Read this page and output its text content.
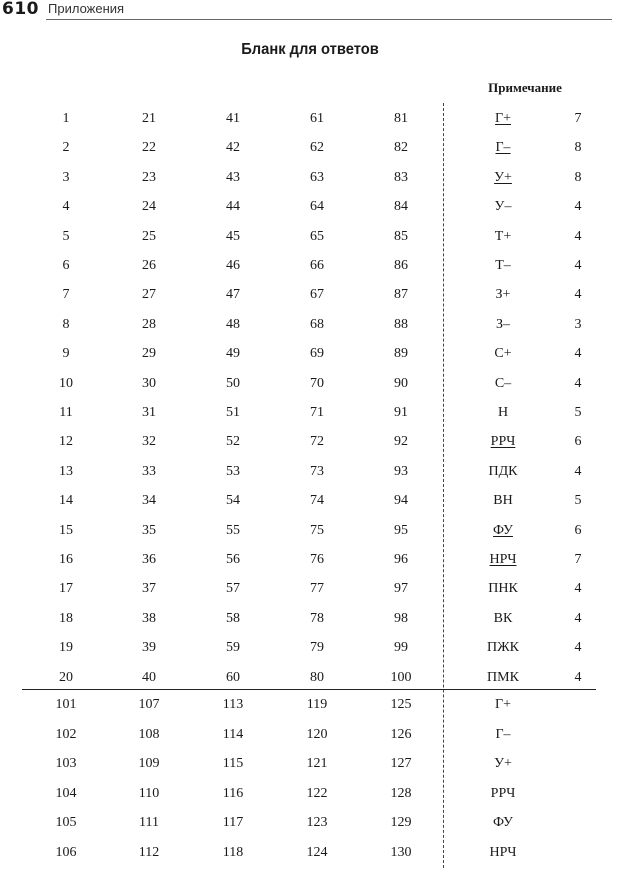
610 Приложения
Бланк для ответов
Примечание
1	21	41	61	81	Г+	7
2	22	42	62	82	Г–	8
3	23	43	63	83	У+	8
4	24	44	64	84	У–	4
5	25	45	65	85	Т+	4
6	26	46	66	86	Т–	4
7	27	47	67	87	З+	4
8	28	48	68	88	З–	3
9	29	49	69	89	С+	4
10	30	50	70	90	С–	4
11	31	51	71	91	Н	5
12	32	52	72	92	РРЧ	6
13	33	53	73	93	ПДК	4
14	34	54	74	94	ВН	5
15	35	55	75	95	ФУ	6
16	36	56	76	96	НРЧ	7
17	37	57	77	97	ПНК	4
18	38	58	78	98	ВК	4
19	39	59	79	99	ПЖК	4
20	40	60	80	100	ПМК	4
101	107	113	119	125	Г+
102	108	114	120	126	Г–
103	109	115	121	127	У+
104	110	116	122	128	РРЧ
105	111	117	123	129	ФУ
106	112	118	124	130	НРЧ
